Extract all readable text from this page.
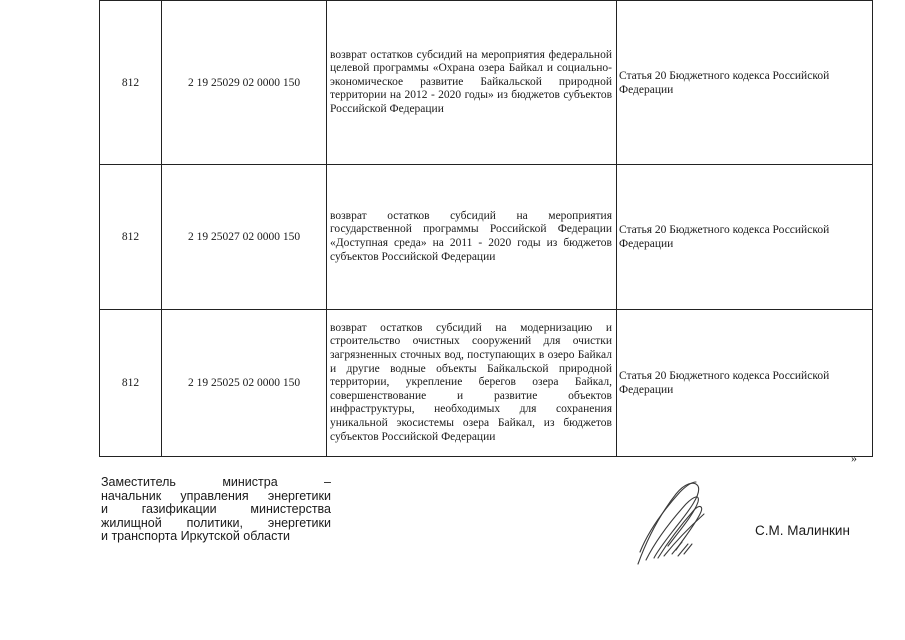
812	2 19 25029 02 0000 150	возврат остатков субсидий на мероприятия федеральной целевой программы «Охрана озера Байкал и социально-экономическое развитие Байкальской природной территории на 2012 - 2020 годы» из бюджетов субъектов Российской Федерации	Статья 20 Бюджетного кодекса Российской Федерации
812	2 19 25027 02 0000 150	возврат остатков субсидий на мероприятия государственной программы Российской Федерации «Доступная среда» на 2011 - 2020 годы из бюджетов субъектов Российской Федерации	Статья 20 Бюджетного кодекса Российской Федерации
812	2 19 25025 02 0000 150	возврат остатков субсидий на модернизацию и строительство очистных сооружений для очистки загрязненных сточных вод, поступающих в озеро Байкал и другие водные объекты Байкальской природной территории, укрепление берегов озера Байкал, совершенствование и развитие объектов инфраструктуры, необходимых для сохранения уникальной экосистемы озера Байкал, из бюджетов субъектов Российской Федерации	Статья 20 Бюджетного кодекса Российской Федерации
»
Заместитель министра –
начальник управления энергетики
и газификации министерства
жилищной политики, энергетики
и транспорта Иркутской области	С.М. Малинкин
